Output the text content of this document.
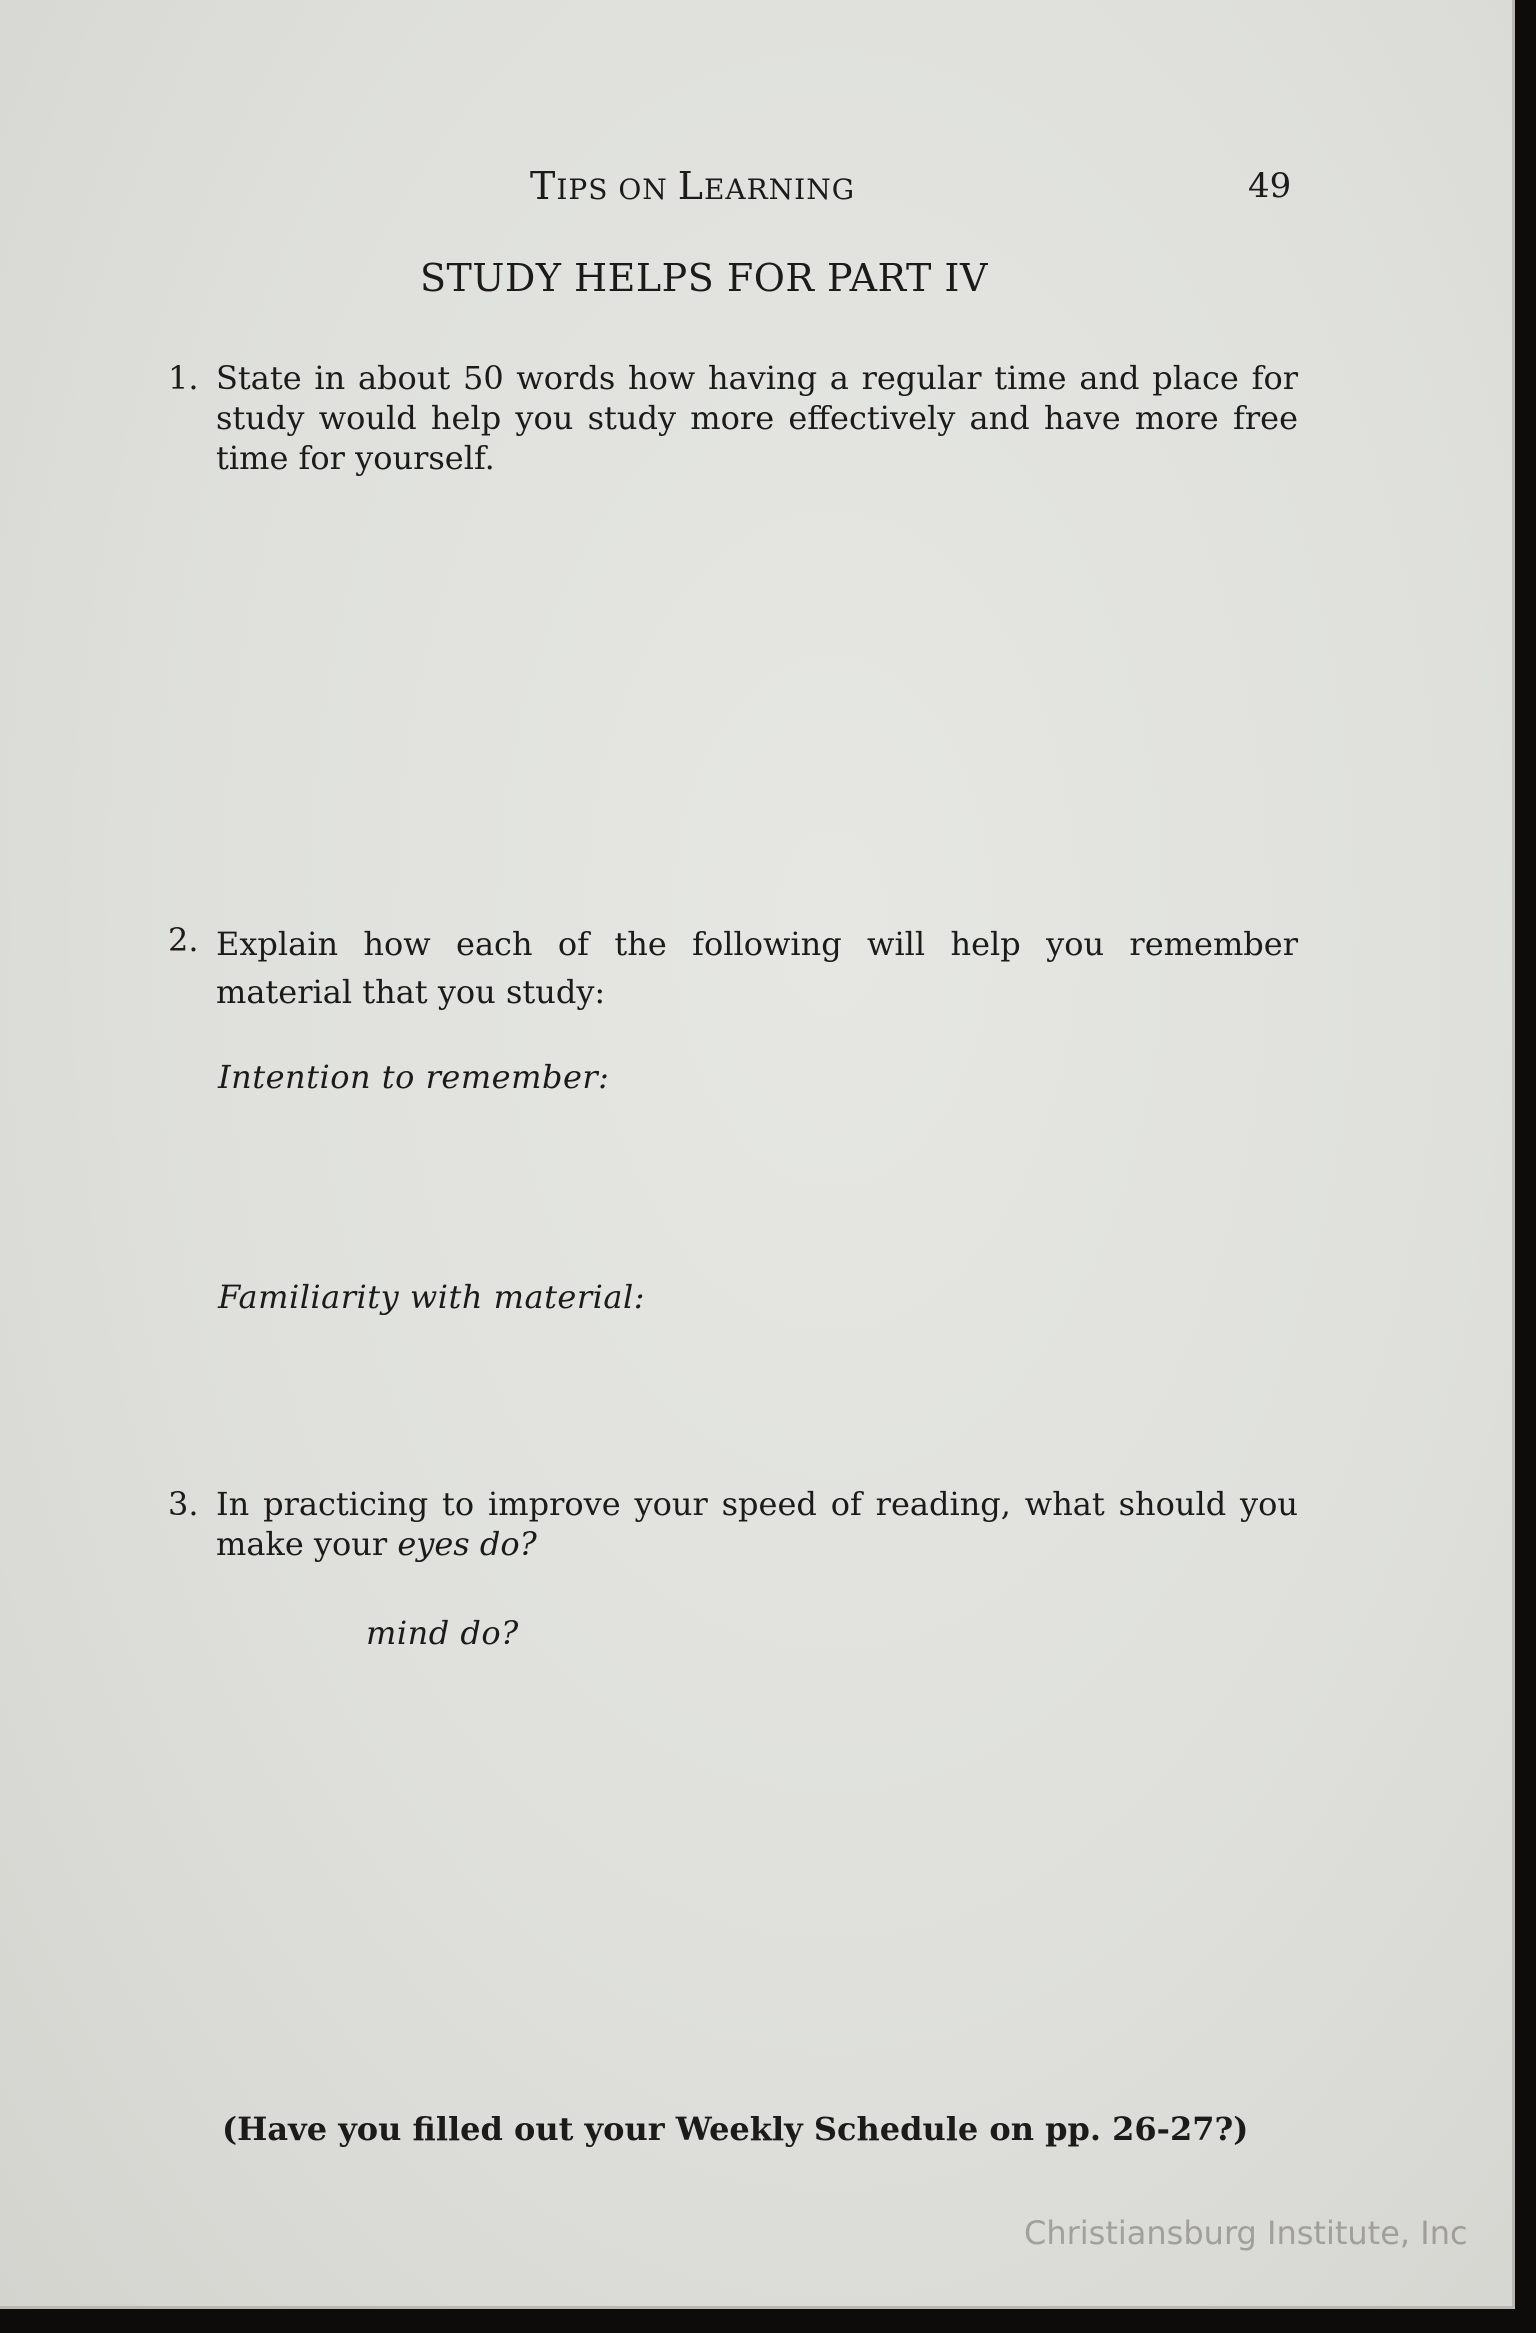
TIPS ON LEARNING	49
STUDY HELPS FOR PART IV
1. State in about 50 words how having a regular time and place for study would help you study more effectively and have more free time for yourself.
2. Explain how each of the following will help you remember material that you study:
Intention to remember:
Familiarity with material:
3. In practicing to improve your speed of reading, what should you make your eyes do?
mind do?
(Have you filled out your Weekly Schedule on pp. 26-27?)
Christiansburg Institute, Inc
